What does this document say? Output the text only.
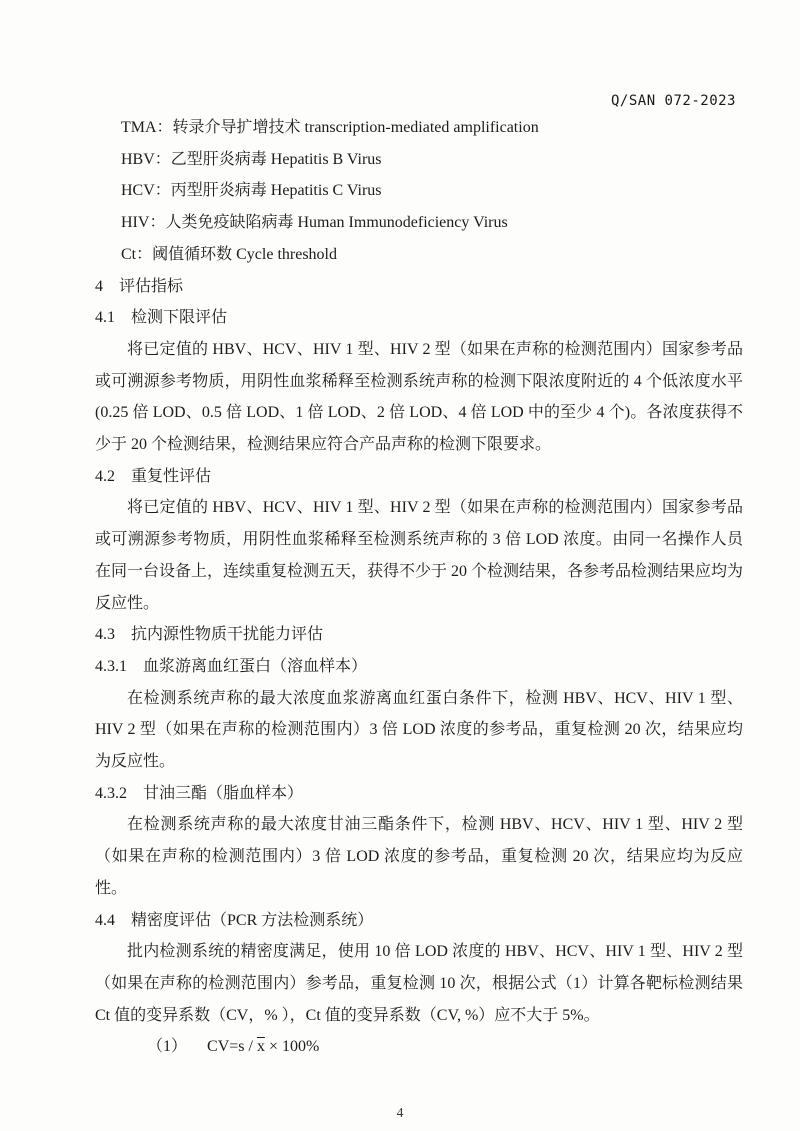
Q/SAN 072-2023
TMA：转录介导扩增技术 transcription-mediated amplification
HBV：乙型肝炎病毒 Hepatitis B Virus
HCV：丙型肝炎病毒 Hepatitis C Virus
HIV：人类免疫缺陷病毒 Human Immunodeficiency Virus
Ct：阈值循环数 Cycle threshold
4　评估指标
4.1　检测下限评估
将已定值的 HBV、HCV、HIV 1 型、HIV 2 型（如果在声称的检测范围内）国家参考品或可溯源参考物质，用阴性血浆稀释至检测系统声称的检测下限浓度附近的 4 个低浓度水平(0.25 倍 LOD、0.5 倍 LOD、1 倍 LOD、2 倍 LOD、4 倍 LOD 中的至少 4 个)。各浓度获得不少于 20 个检测结果，检测结果应符合产品声称的检测下限要求。
4.2　重复性评估
将已定值的 HBV、HCV、HIV 1 型、HIV 2 型（如果在声称的检测范围内）国家参考品或可溯源参考物质，用阴性血浆稀释至检测系统声称的 3 倍 LOD 浓度。由同一名操作人员在同一台设备上，连续重复检测五天，获得不少于 20 个检测结果，各参考品检测结果应均为反应性。
4.3　抗内源性物质干扰能力评估
4.3.1　血浆游离血红蛋白（溶血样本）
在检测系统声称的最大浓度血浆游离血红蛋白条件下，检测 HBV、HCV、HIV 1 型、HIV 2 型（如果在声称的检测范围内）3 倍 LOD 浓度的参考品，重复检测 20 次，结果应均为反应性。
4.3.2　甘油三酯（脂血样本）
在检测系统声称的最大浓度甘油三酯条件下，检测 HBV、HCV、HIV 1 型、HIV 2 型（如果在声称的检测范围内）3 倍 LOD 浓度的参考品，重复检测 20 次，结果应均为反应性。
4.4　精密度评估（PCR 方法检测系统）
批内检测系统的精密度满足，使用 10 倍 LOD 浓度的 HBV、HCV、HIV 1 型、HIV 2 型（如果在声称的检测范围内）参考品，重复检测 10 次，根据公式（1）计算各靶标检测结果 Ct 值的变异系数（CV，% ），Ct 值的变异系数（CV, %）应不大于 5%。
（1） $CV=s / \overline{x} \times 100\%$
4
